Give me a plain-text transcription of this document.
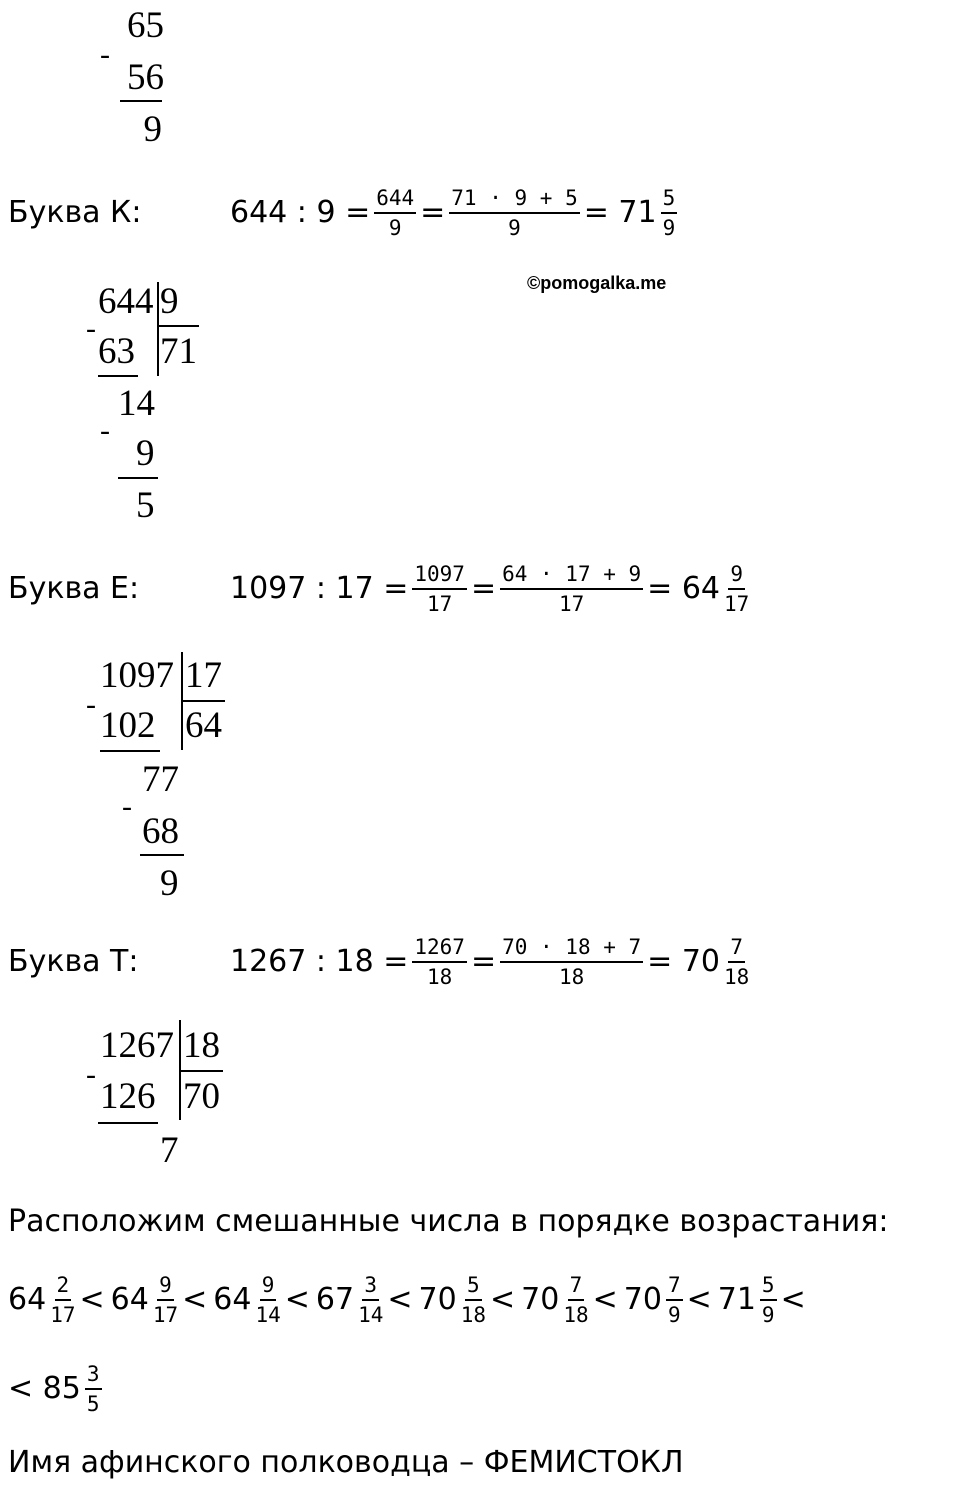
65
-
56
9
Буква К:	644 : $9 = \frac{644}{9} = \frac{71 \cdot 9 + 5}{9} = 71 \frac{5}{9}$
644 9
-
63 71
14
-
9
5
©pomogalka.me
Буква Е:	1097 : $17 = \frac{1097}{17} = \frac{64 \cdot 17 + 9}{17} = 64 \frac{9}{17}$
1097 17
-
102 64
77
-
68
9
Буква Т:	1267 : $18 = \frac{1267}{18} = \frac{70 \cdot 18 + 7}{18} = 70 \frac{7}{18}$
1267 18
-
126 70
7
Расположим смешанные числа в порядке возрастания:
$64 \frac{2}{17} < 64 \frac{9}{17} < 64 \frac{9}{14} < 67 \frac{3}{14} < 70 \frac{5}{18} < 70 \frac{7}{18} < 70 \frac{7}{9} < 71 \frac{5}{9}$ <
< $85 \frac{3}{5}$
Имя афинского полководца – ФЕМИСТОКЛ
